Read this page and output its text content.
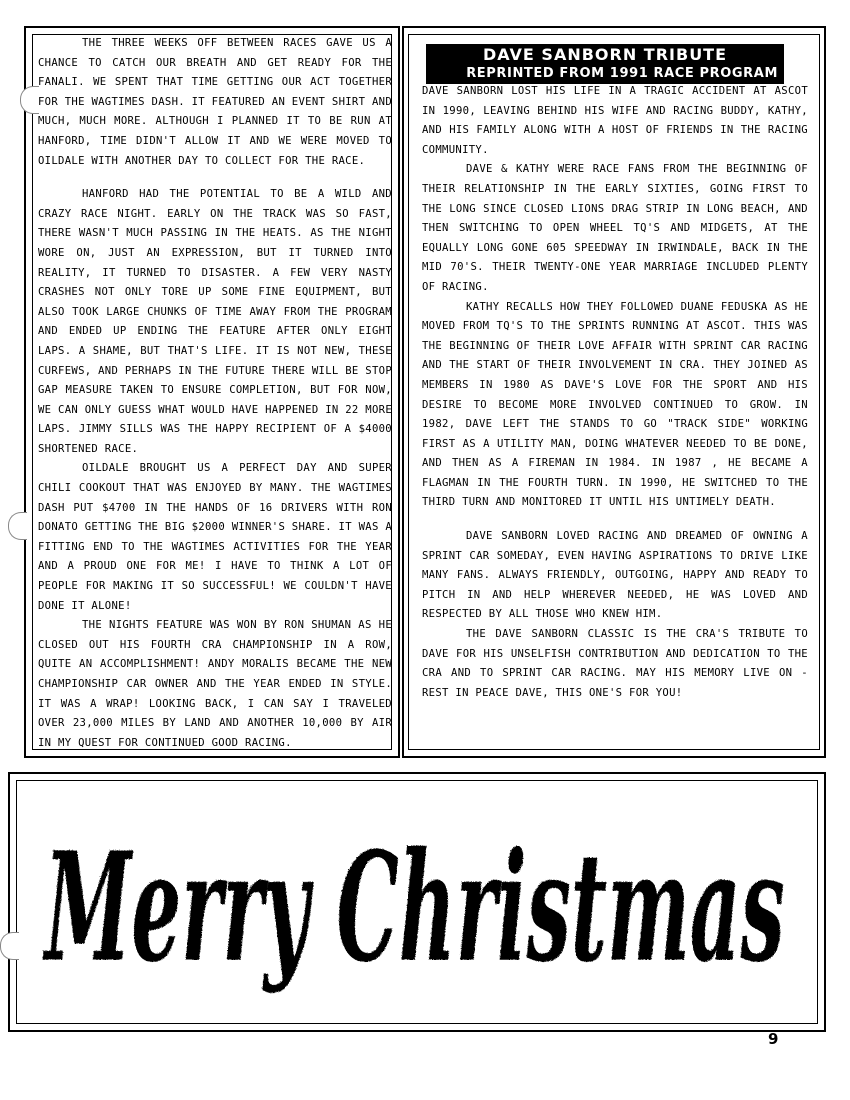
THE THREE WEEKS OFF BETWEEN RACES GAVE US A CHANCE TO CATCH OUR BREATH AND GET READY FOR THE FANALI. WE SPENT THAT TIME GETTING OUR ACT TOGETHER FOR THE WAGTIMES DASH. IT FEATURED AN EVENT SHIRT AND MUCH, MUCH MORE. ALTHOUGH I PLANNED IT TO BE RUN AT HANFORD, TIME DIDN'T ALLOW IT AND WE WERE MOVED TO OILDALE WITH ANOTHER DAY TO COLLECT FOR THE RACE.

HANFORD HAD THE POTENTIAL TO BE A WILD AND CRAZY RACE NIGHT. EARLY ON THE TRACK WAS SO FAST, THERE WASN'T MUCH PASSING IN THE HEATS. AS THE NIGHT WORE ON, JUST AN EXPRESSION, BUT IT TURNED INTO REALITY, IT TURNED TO DISASTER. A FEW VERY NASTY CRASHES NOT ONLY TORE UP SOME FINE EQUIPMENT, BUT ALSO TOOK LARGE CHUNKS OF TIME AWAY FROM THE PROGRAM AND ENDED UP ENDING THE FEATURE AFTER ONLY EIGHT LAPS. A SHAME, BUT THAT'S LIFE. IT IS NOT NEW, THESE CURFEWS, AND PERHAPS IN THE FUTURE THERE WILL BE STOP GAP MEASURE TAKEN TO ENSURE COMPLETION, BUT FOR NOW, WE CAN ONLY GUESS WHAT WOULD HAVE HAPPENED IN 22 MORE LAPS. JIMMY SILLS WAS THE HAPPY RECIPIENT OF A $4000 SHORTENED RACE.

OILDALE BROUGHT US A PERFECT DAY AND SUPER CHILI COOKOUT THAT WAS ENJOYED BY MANY. THE WAGTIMES DASH PUT $4700 IN THE HANDS OF 16 DRIVERS WITH RON DONATO GETTING THE BIG $2000 WINNER'S SHARE. IT WAS A FITTING END TO THE WAGTIMES ACTIVITIES FOR THE YEAR AND A PROUD ONE FOR ME! I HAVE TO THINK A LOT OF PEOPLE FOR MAKING IT SO SUCCESSFUL! WE COULDN'T HAVE DONE IT ALONE!

THE NIGHTS FEATURE WAS WON BY RON SHUMAN AS HE CLOSED OUT HIS FOURTH CRA CHAMPIONSHIP IN A ROW, QUITE AN ACCOMPLISHMENT! ANDY MORALIS BECAME THE NEW CHAMPIONSHIP CAR OWNER AND THE YEAR ENDED IN STYLE. IT WAS A WRAP! LOOKING BACK, I CAN SAY I TRAVELED OVER 23,000 MILES BY LAND AND ANOTHER 10,000 BY AIR IN MY QUEST FOR CONTINUED GOOD RACING.

DAVE SANBORN TRIBUTE
REPRINTED FROM 1991 RACE PROGRAM

DAVE SANBORN LOST HIS LIFE IN A TRAGIC ACCIDENT AT ASCOT IN 1990, LEAVING BEHIND HIS WIFE AND RACING BUDDY, KATHY, AND HIS FAMILY ALONG WITH A HOST OF FRIENDS IN THE RACING COMMUNITY.

DAVE & KATHY WERE RACE FANS FROM THE BEGINNING OF THEIR RELATIONSHIP IN THE EARLY SIXTIES, GOING FIRST TO THE LONG SINCE CLOSED LIONS DRAG STRIP IN LONG BEACH, AND THEN SWITCHING TO OPEN WHEEL TQ'S AND MIDGETS, AT THE EQUALLY LONG GONE 605 SPEEDWAY IN IRWINDALE, BACK IN THE MID 70'S. THEIR TWENTY-ONE YEAR MARRIAGE INCLUDED PLENTY OF RACING.

KATHY RECALLS HOW THEY FOLLOWED DUANE FEDUSKA AS HE MOVED FROM TQ'S TO THE SPRINTS RUNNING AT ASCOT. THIS WAS THE BEGINNING OF THEIR LOVE AFFAIR WITH SPRINT CAR RACING AND THE START OF THEIR INVOLVEMENT IN CRA. THEY JOINED AS MEMBERS IN 1980 AS DAVE'S LOVE FOR THE SPORT AND HIS DESIRE TO BECOME MORE INVOLVED CONTINUED TO GROW. IN 1982, DAVE LEFT THE STANDS TO GO "TRACK SIDE" WORKING FIRST AS A UTILITY MAN, DOING WHATEVER NEEDED TO BE DONE, AND THEN AS A FIREMAN IN 1984. IN 1987 , HE BECAME A FLAGMAN IN THE FOURTH TURN. IN 1990, HE SWITCHED TO THE THIRD TURN AND MONITORED IT UNTIL HIS UNTIMELY DEATH.

DAVE SANBORN LOVED RACING AND DREAMED OF OWNING A SPRINT CAR SOMEDAY, EVEN HAVING ASPIRATIONS TO DRIVE LIKE MANY FANS. ALWAYS FRIENDLY, OUTGOING, HAPPY AND READY TO PITCH IN AND HELP WHEREVER NEEDED, HE WAS LOVED AND RESPECTED BY ALL THOSE WHO KNEW HIM.

THE DAVE SANBORN CLASSIC IS THE CRA'S TRIBUTE TO DAVE FOR HIS UNSELFISH CONTRIBUTION AND DEDICATION TO THE CRA AND TO SPRINT CAR RACING. MAY HIS MEMORY LIVE ON - REST IN PEACE DAVE, THIS ONE'S FOR YOU!

Merry Christmas
9
